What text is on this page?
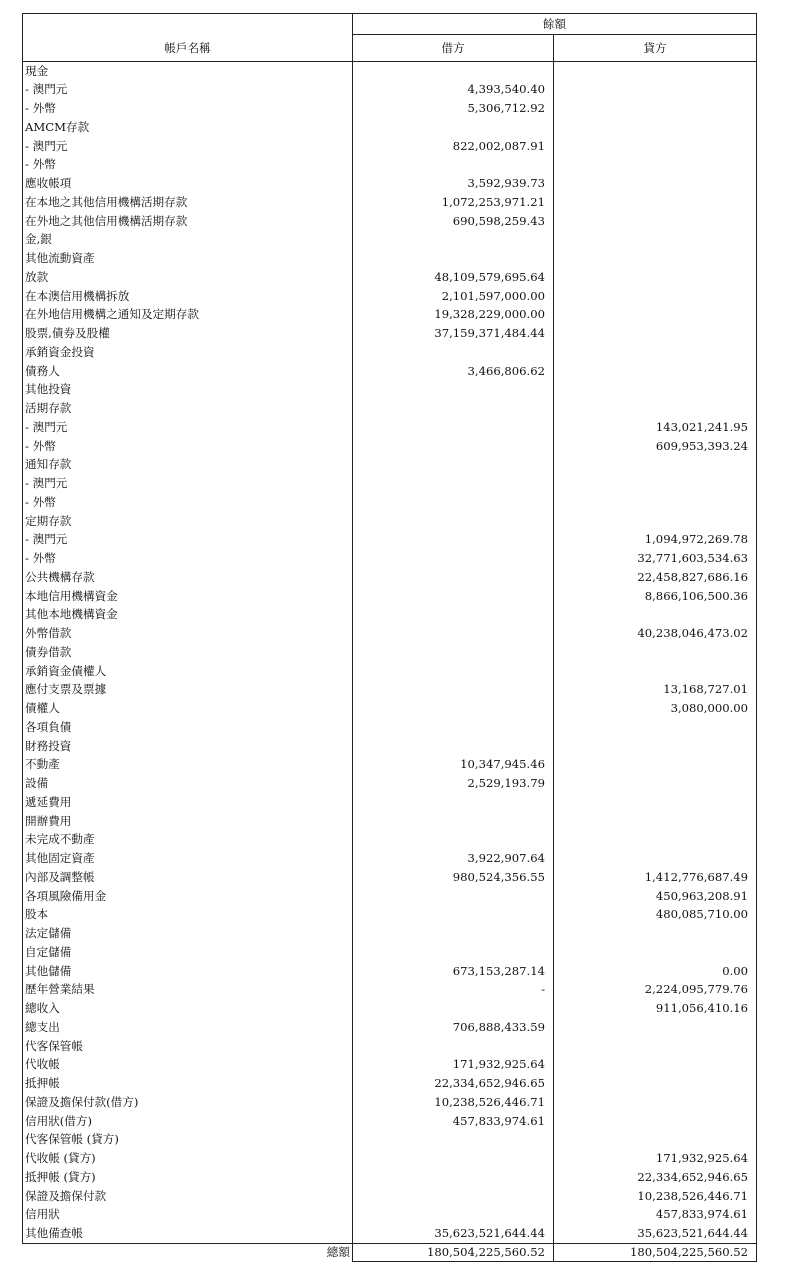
	餘額	
帳戶名稱	借方	貸方
現金		
- 澳門元	4,393,540.40	
- 外幣	5,306,712.92	
AMCM存款		
- 澳門元	822,002,087.91	
- 外幣		
應收帳項	3,592,939.73	
在本地之其他信用機構活期存款	1,072,253,971.21	
在外地之其他信用機構活期存款	690,598,259.43	
金,銀		
其他流動資產		
放款	48,109,579,695.64	
在本澳信用機構拆放	2,101,597,000.00	
在外地信用機構之通知及定期存款	19,328,229,000.00	
股票,債券及股權	37,159,371,484.44	
承銷資金投資		
債務人	3,466,806.62	
其他投資		
活期存款		
- 澳門元		143,021,241.95
- 外幣		609,953,393.24
通知存款		
- 澳門元		
- 外幣		
定期存款		
- 澳門元		1,094,972,269.78
- 外幣		32,771,603,534.63
公共機構存款		22,458,827,686.16
本地信用機構資金		8,866,106,500.36
其他本地機構資金		
外幣借款		40,238,046,473.02
債券借款		
承銷資金債權人		
應付支票及票據		13,168,727.01
債權人		3,080,000.00
各項負債		
財務投資		
不動產	10,347,945.46	
設備	2,529,193.79	
遞延費用		
開辦費用		
未完成不動產		
其他固定資產	3,922,907.64	
內部及調整帳	980,524,356.55	1,412,776,687.49
各項風險備用金		450,963,208.91
股本		480,085,710.00
法定儲備		
自定儲備		
其他儲備	673,153,287.14	0.00
歷年營業結果	-	2,224,095,779.76
總收入		911,056,410.16
總支出	706,888,433.59	
代客保管帳		
代收帳	171,932,925.64	
抵押帳	22,334,652,946.65	
保證及擔保付款(借方)	10,238,526,446.71	
信用狀(借方)	457,833,974.61	
代客保管帳 (貸方)		
代收帳 (貸方)		171,932,925.64
抵押帳 (貸方)		22,334,652,946.65
保證及擔保付款		10,238,526,446.71
信用狀		457,833,974.61
其他備查帳	35,623,521,644.44	35,623,521,644.44
總額	180,504,225,560.52	180,504,225,560.52
